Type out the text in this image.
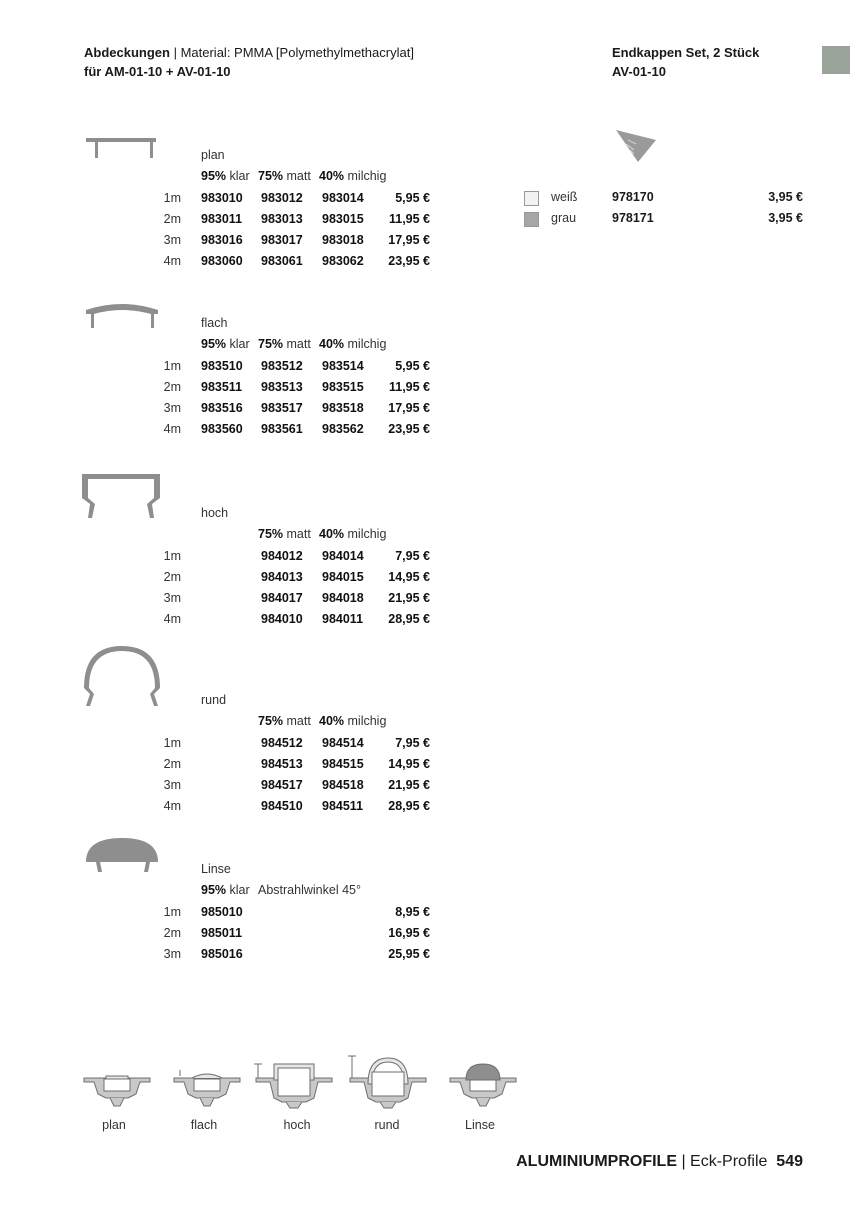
Abdeckungen | Material: PMMA [Polymethylmethacrylat]
für AM-01-10 + AV-01-10
Endkappen Set, 2 Stück
AV-01-10
plan
95% klar 75% matt 40% milchig
1m 983010 983012 983014	5,95 €
2m 983011 983013 983015	11,95 €
3m 983016 983017 983018	17,95 €
4m 983060 983061 983062	23,95 €
flach
95% klar 75% matt 40% milchig
1m 983510 983512 983514	5,95 €
2m 983511 983513 983515	11,95 €
3m 983516 983517 983518	17,95 €
4m 983560 983561 983562	23,95 €
hoch
75% matt 40% milchig
1m	984012 984014	7,95 €
2m	984013 984015	14,95 €
3m	984017 984018	21,95 €
4m	984010 984011	28,95 €
rund
75% matt 40% milchig
1m	984512 984514	7,95 €
2m	984513 984515	14,95 €
3m	984517 984518	21,95 €
4m	984510 984511	28,95 €
Linse
95% klar Abstrahlwinkel 45°
1m 985010	8,95 €
2m 985011	16,95 €
3m 985016	25,95 €
weiß	978170	3,95 €
grau	978171	3,95 €
plan	flach	hoch	rund	Linse
ALUMINIUMPROFILE | Eck-Profile 549
